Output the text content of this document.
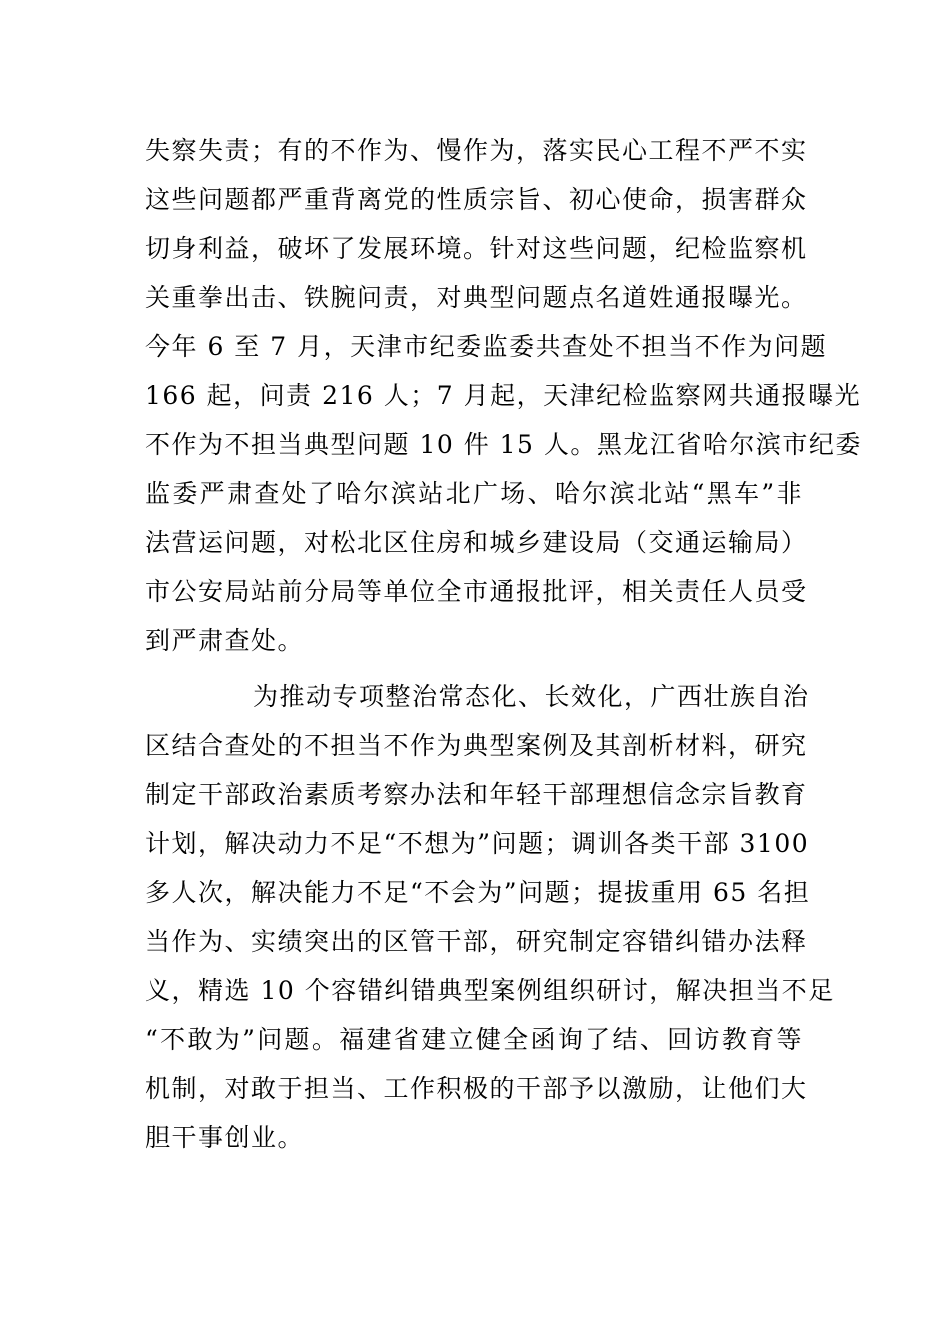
失察失责；有的不作为、慢作为，落实民心工程不严不实
这些问题都严重背离党的性质宗旨、初心使命，损害群众
切身利益，破坏了发展环境。针对这些问题，纪检监察机
关重拳出击、铁腕问责，对典型问题点名道姓通报曝光。
今年 6 至 7 月，天津市纪委监委共查处不担当不作为问题
166 起，问责 216 人；7 月起，天津纪检监察网共通报曝光
不作为不担当典型问题 10 件 15 人。黑龙江省哈尔滨市纪委
监委严肃查处了哈尔滨站北广场、哈尔滨北站“黑车”非
法营运问题，对松北区住房和城乡建设局（交通运输局）
市公安局站前分局等单位全市通报批评，相关责任人员受
到严肃查处。
为推动专项整治常态化、长效化，广西壮族自治
区结合查处的不担当不作为典型案例及其剖析材料，研究
制定干部政治素质考察办法和年轻干部理想信念宗旨教育
计划，解决动力不足“不想为”问题；调训各类干部 3100
多人次，解决能力不足“不会为”问题；提拔重用 65 名担
当作为、实绩突出的区管干部，研究制定容错纠错办法释
义，精选 10 个容错纠错典型案例组织研讨，解决担当不足
“不敢为”问题。福建省建立健全函询了结、回访教育等
机制，对敢于担当、工作积极的干部予以激励，让他们大
胆干事创业。
